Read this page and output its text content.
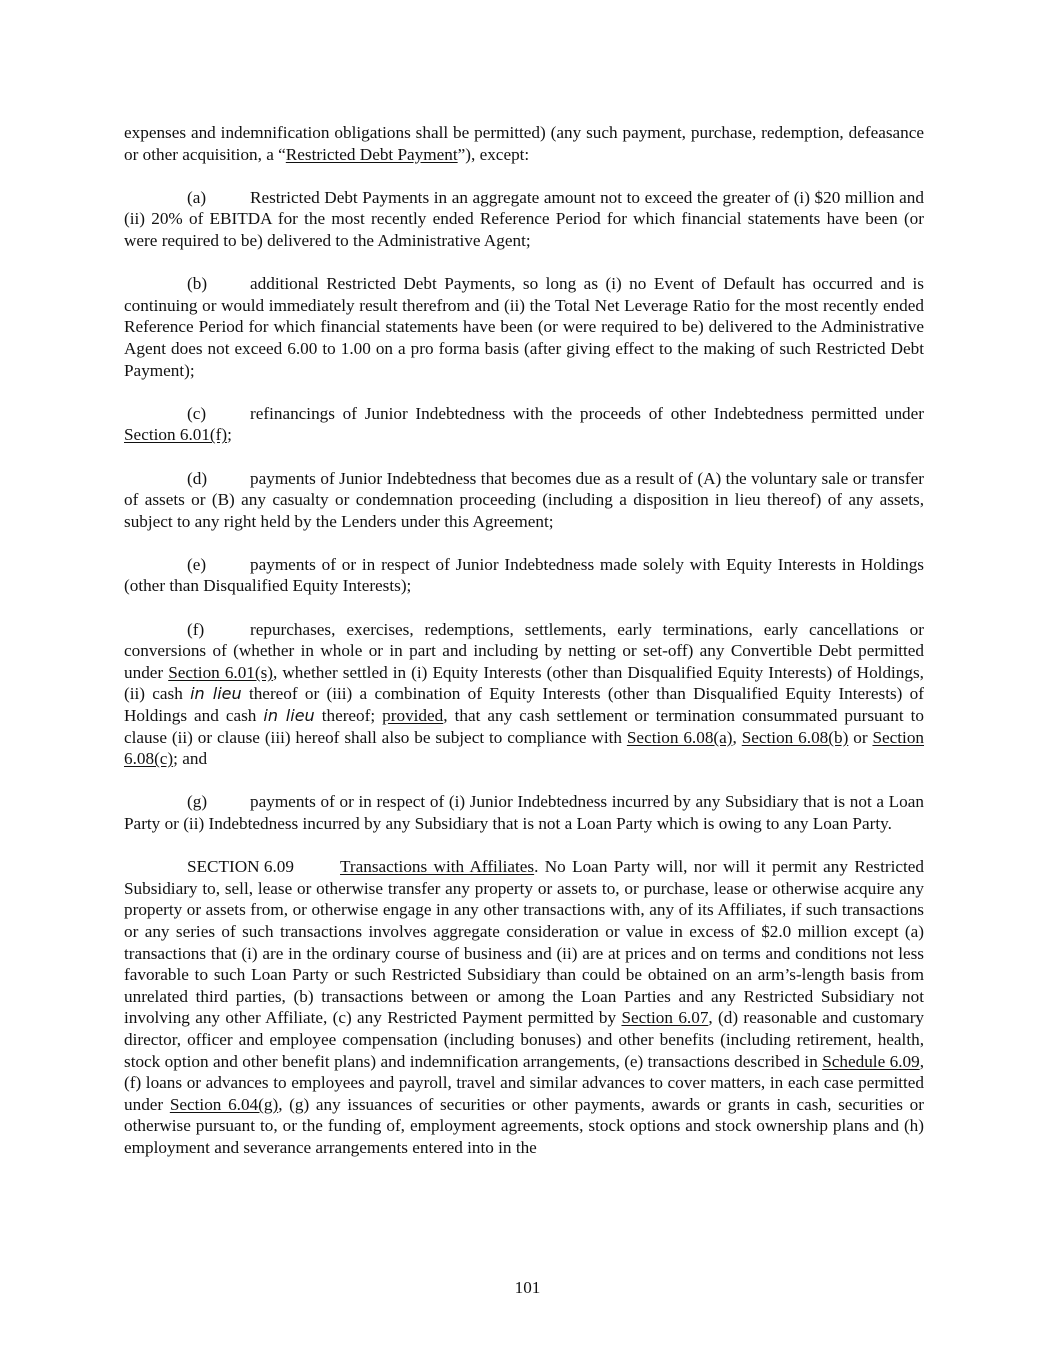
expenses and indemnification obligations shall be permitted) (any such payment, purchase, redemption, defeasance or other acquisition, a “Restricted Debt Payment”), except:

(a)	Restricted Debt Payments in an aggregate amount not to exceed the greater of (i) $20 million and (ii) 20% of EBITDA for the most recently ended Reference Period for which financial statements have been (or were required to be) delivered to the Administrative Agent;

(b) additional Restricted Debt Payments, so long as (i) no Event of Default has occurred and is continuing or would immediately result therefrom and (ii) the Total Net Leverage Ratio for the most recently ended Reference Period for which financial statements have been (or were required to be) delivered to the Administrative Agent does not exceed 6.00 to 1.00 on a pro forma basis (after giving effect to the making of such Restricted Debt Payment);

(c)	refinancings of Junior Indebtedness with the proceeds of other Indebtedness permitted under Section 6.01(f);

(d) payments of Junior Indebtedness that becomes due as a result of (A) the voluntary sale or transfer of assets or (B) any casualty or condemnation proceeding (including a disposition in lieu thereof) of any assets, subject to any right held by the Lenders under this Agreement;

(e)	payments of or in respect of Junior Indebtedness made solely with Equity Interests in Holdings (other than Disqualified Equity Interests);

(f)	repurchases, exercises, redemptions, settlements, early terminations, early cancellations or conversions of (whether in whole or in part and including by netting or set-off) any Convertible Debt permitted under Section 6.01(s), whether settled in (i) Equity Interests (other than Disqualified Equity Interests) of Holdings, (ii) cash in lieu thereof or (iii) a combination of Equity Interests (other than Disqualified Equity Interests) of Holdings and cash in lieu thereof; provided, that any cash settlement or termination consummated pursuant to clause (ii) or clause (iii) hereof shall also be subject to compliance with Section 6.08(a), Section 6.08(b) or Section 6.08(c); and

(g) payments of or in respect of (i) Junior Indebtedness incurred by any Subsidiary that is not a Loan Party or (ii) Indebtedness incurred by any Subsidiary that is not a Loan Party which is owing to any Loan Party.

SECTION 6.09	Transactions with Affiliates. No Loan Party will, nor will it permit any Restricted Subsidiary to, sell, lease or otherwise transfer any property or assets to, or purchase, lease or otherwise acquire any property or assets from, or otherwise engage in any other transactions with, any of its Affiliates, if such transactions or any series of such transactions involves aggregate consideration or value in excess of $2.0 million except (a) transactions that (i) are in the ordinary course of business and (ii) are at prices and on terms and conditions not less favorable to such Loan Party or such Restricted Subsidiary than could be obtained on an arm’s-length basis from unrelated third parties, (b) transactions between or among the Loan Parties and any Restricted Subsidiary not involving any other Affiliate, (c) any Restricted Payment permitted by Section 6.07, (d) reasonable and customary director, officer and employee compensation (including bonuses) and other benefits (including retirement, health, stock option and other benefit plans) and indemnification arrangements, (e) transactions described in Schedule 6.09, (f) loans or advances to employees and payroll, travel and similar advances to cover matters, in each case permitted under Section 6.04(g), (g) any issuances of securities or other payments, awards or grants in cash, securities or otherwise pursuant to, or the funding of, employment agreements, stock options and stock ownership plans and (h) employment and severance arrangements entered into in the

101
